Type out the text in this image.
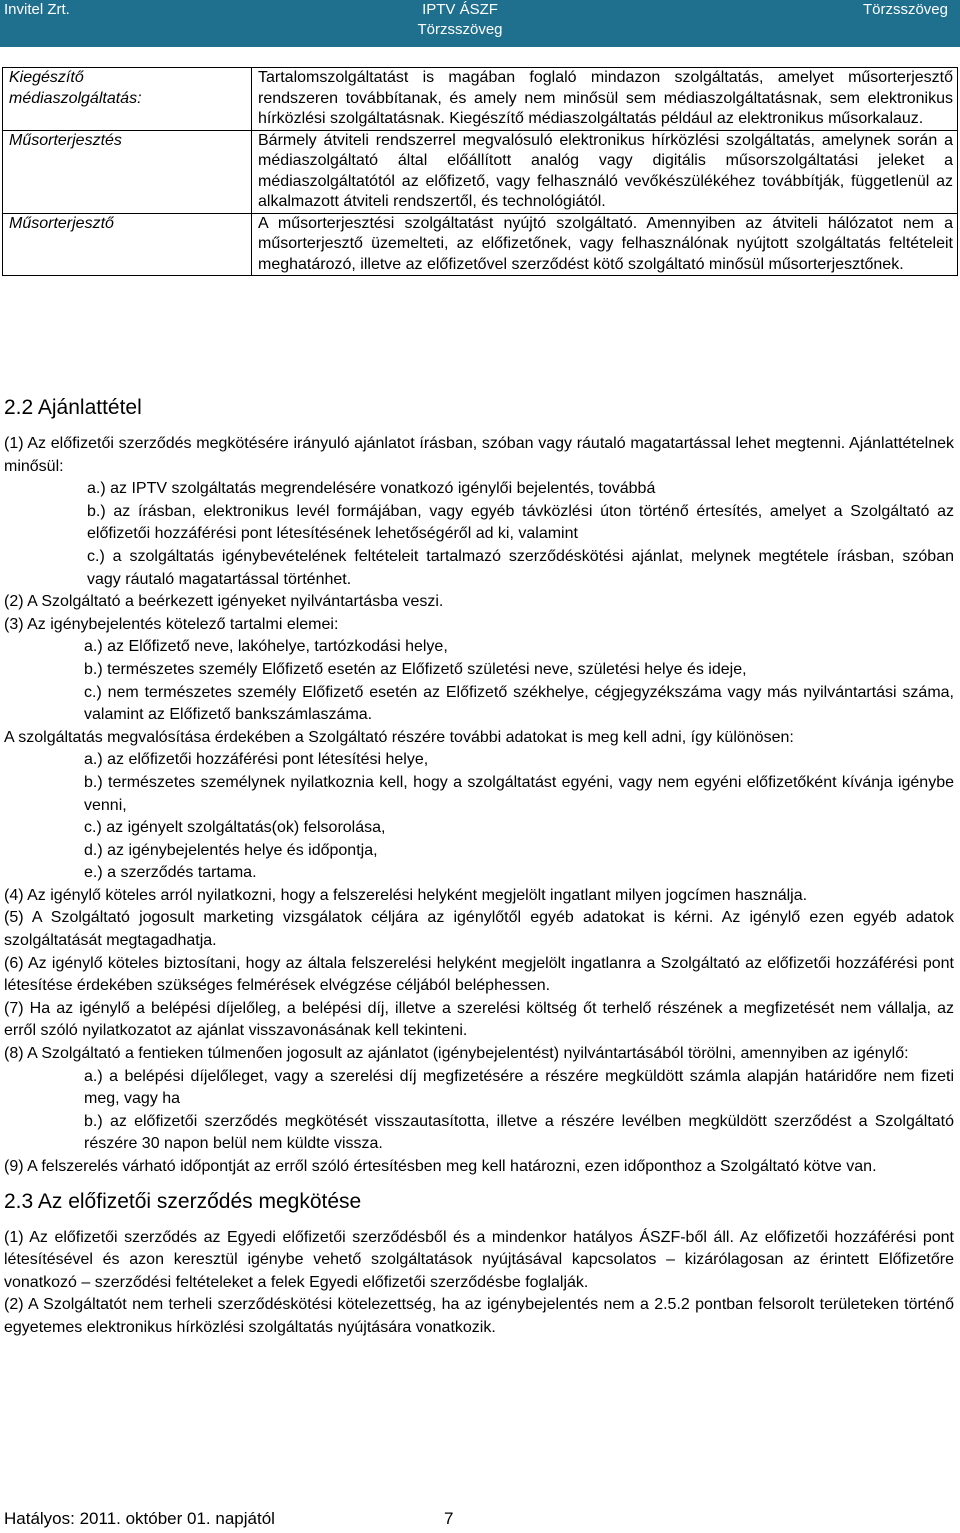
Invitel Zrt.	IPTV ÁSZF
Törzsszöveg
Törzsszöveg
Kiegészítő
médiaszolgáltatás:	Tartalomszolgáltatást is magában foglaló mindazon szolgáltatás, amelyet műsorterjesztő rendszeren továbbítanak, és amely nem minősül sem médiaszolgáltatásnak, sem elektronikus hírközlési szolgáltatásnak. Kiegészítő médiaszolgáltatás például az elektronikus műsorkalauz.

Műsorterjesztés	Bármely átviteli rendszerrel megvalósuló elektronikus hírközlési szolgáltatás, amelynek során a médiaszolgáltató által előállított analóg vagy digitális műsorszolgáltatási jeleket a médiaszolgáltatótól az előfizető, vagy felhasználó vevőkészülékéhez továbbítják, függetlenül az alkalmazott átviteli rendszertől, és technológiától.

Műsorterjesztő	A műsorterjesztési szolgáltatást nyújtó szolgáltató. Amennyiben az átviteli hálózatot nem a műsorterjesztő üzemelteti, az előfizetőnek, vagy felhasználónak nyújtott szolgáltatás feltételeit meghatározó, illetve az előfizetővel szerződést kötő szolgáltató minősül műsorterjesztőnek.
2.2 Ajánlattétel

(1) Az előfizetői szerződés megkötésére irányuló ajánlatot írásban, szóban vagy ráutaló magatartással lehet megtenni. Ajánlattételnek minősül:

a.) az IPTV szolgáltatás megrendelésére vonatkozó igénylői bejelentés, továbbá

b.) az írásban, elektronikus levél formájában, vagy egyéb távközlési úton történő értesítés, amelyet a Szolgáltató az előfizetői hozzáférési pont létesítésének lehetőségéről ad ki, valamint

c.) a szolgáltatás igénybevételének feltételeit tartalmazó szerződéskötési ajánlat, melynek megtétele írásban, szóban vagy ráutaló magatartással történhet.

(2) A Szolgáltató a beérkezett igényeket nyilvántartásba veszi.

(3) Az igénybejelentés kötelező tartalmi elemei:

a.) az Előfizető neve, lakóhelye, tartózkodási helye,

b.) természetes személy Előfizető esetén az Előfizető születési neve, születési helye és ideje,

c.) nem természetes személy Előfizető esetén az Előfizető székhelye, cégjegyzékszáma vagy más nyilvántartási száma, valamint az Előfizető bankszámlaszáma.

A szolgáltatás megvalósítása érdekében a Szolgáltató részére további adatokat is meg kell adni, így különösen:

a.) az előfizetői hozzáférési pont létesítési helye,

b.) természetes személynek nyilatkoznia kell, hogy a szolgáltatást egyéni, vagy nem egyéni előfizetőként kívánja igénybe venni,

c.) az igényelt szolgáltatás(ok) felsorolása,

d.) az igénybejelentés helye és időpontja,

e.) a szerződés tartama.

(4) Az igénylő köteles arról nyilatkozni, hogy a felszerelési helyként megjelölt ingatlant milyen jogcímen használja.

(5) A Szolgáltató jogosult marketing vizsgálatok céljára az igénylőtől egyéb adatokat is kérni. Az igénylő ezen egyéb adatok szolgáltatását megtagadhatja.

(6) Az igénylő köteles biztosítani, hogy az általa felszerelési helyként megjelölt ingatlanra a Szolgáltató az előfizetői hozzáférési pont létesítése érdekében szükséges felmérések elvégzése céljából beléphessen.

(7) Ha az igénylő a belépési díjelőleg, a belépési díj, illetve a szerelési költség őt terhelő részének a megfizetését nem vállalja, az erről szóló nyilatkozatot az ajánlat visszavonásának kell tekinteni.

(8) A Szolgáltató a fentieken túlmenően jogosult az ajánlatot (igénybejelentést) nyilvántartásából törölni, amennyiben az igénylő:

a.) a belépési díjelőleget, vagy a szerelési díj megfizetésére a részére megküldött számla alapján határidőre nem fizeti meg, vagy ha

b.) az előfizetői szerződés megkötését visszautasította, illetve a részére levélben megküldött szerződést a Szolgáltató részére 30 napon belül nem küldte vissza.

(9) A felszerelés várható időpontját az erről szóló értesítésben meg kell határozni, ezen időponthoz a Szolgáltató kötve van.

2.3 Az előfizetői szerződés megkötése

(1) Az előfizetői szerződés az Egyedi előfizetői szerződésből és a mindenkor hatályos ÁSZF-ből áll. Az előfizetői hozzáférési pont létesítésével és azon keresztül igénybe vehető szolgáltatások nyújtásával kapcsolatos – kizárólagosan az érintett Előfizetőre vonatkozó – szerződési feltételeket a felek Egyedi előfizetői szerződésbe foglalják.

(2) A Szolgáltatót nem terheli szerződéskötési kötelezettség, ha az igénybejelentés nem a 2.5.2 pontban felsorolt területeken történő egyetemes elektronikus hírközlési szolgáltatás nyújtására vonatkozik.

Hatályos: 2011. október 01. napjától	7
